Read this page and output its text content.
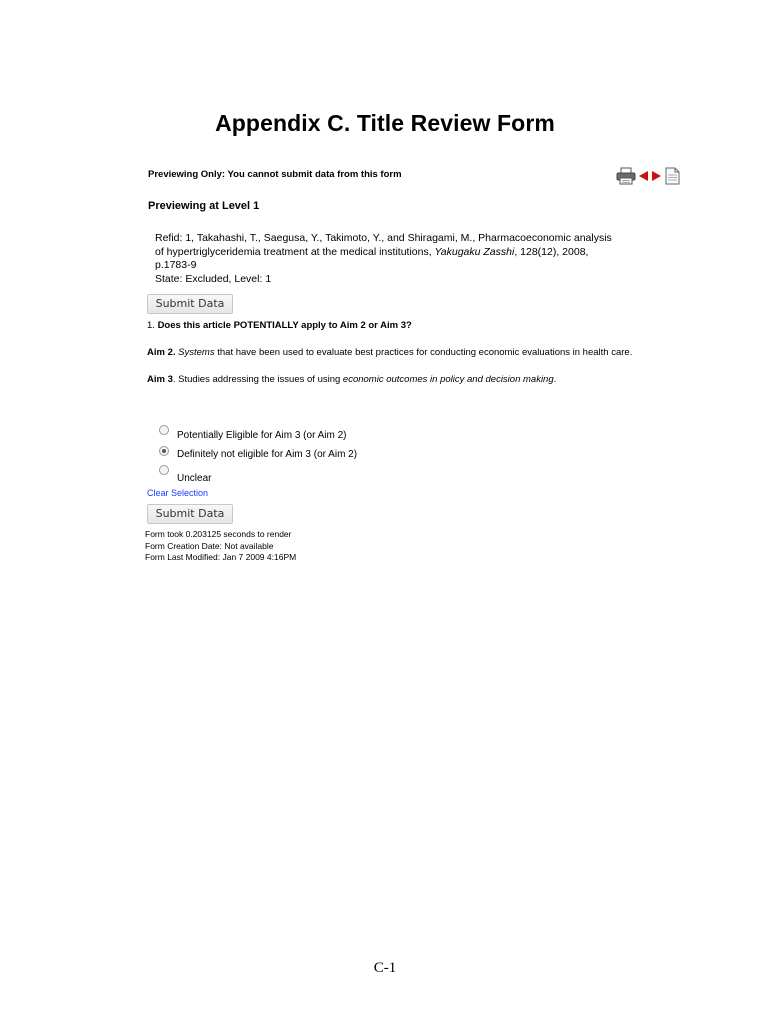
Appendix C. Title Review Form
Previewing Only: You cannot submit data from this form
Previewing at Level 1
Refid: 1, Takahashi, T., Saegusa, Y., Takimoto, Y., and Shiragami, M., Pharmacoeconomic analysis
of hypertriglyceridemia treatment at the medical institutions, Yakugaku Zasshi, 128(12), 2008,
p.1783-9
State: Excluded, Level: 1
Submit Data
1. Does this article POTENTIALLY apply to Aim 2 or Aim 3?
Aim 2. Systems that have been used to evaluate best practices for conducting economic evaluations in health care.
Aim 3. Studies addressing the issues of using economic outcomes in policy and decision making.
Potentially Eligible for Aim 3 (or Aim 2)
Definitely not eligible for Aim 3 (or Aim 2)
Unclear
Clear Selection
Submit Data
Form took 0.203125 seconds to render
Form Creation Date: Not available
Form Last Modified: Jan 7 2009 4:16PM
C-1
